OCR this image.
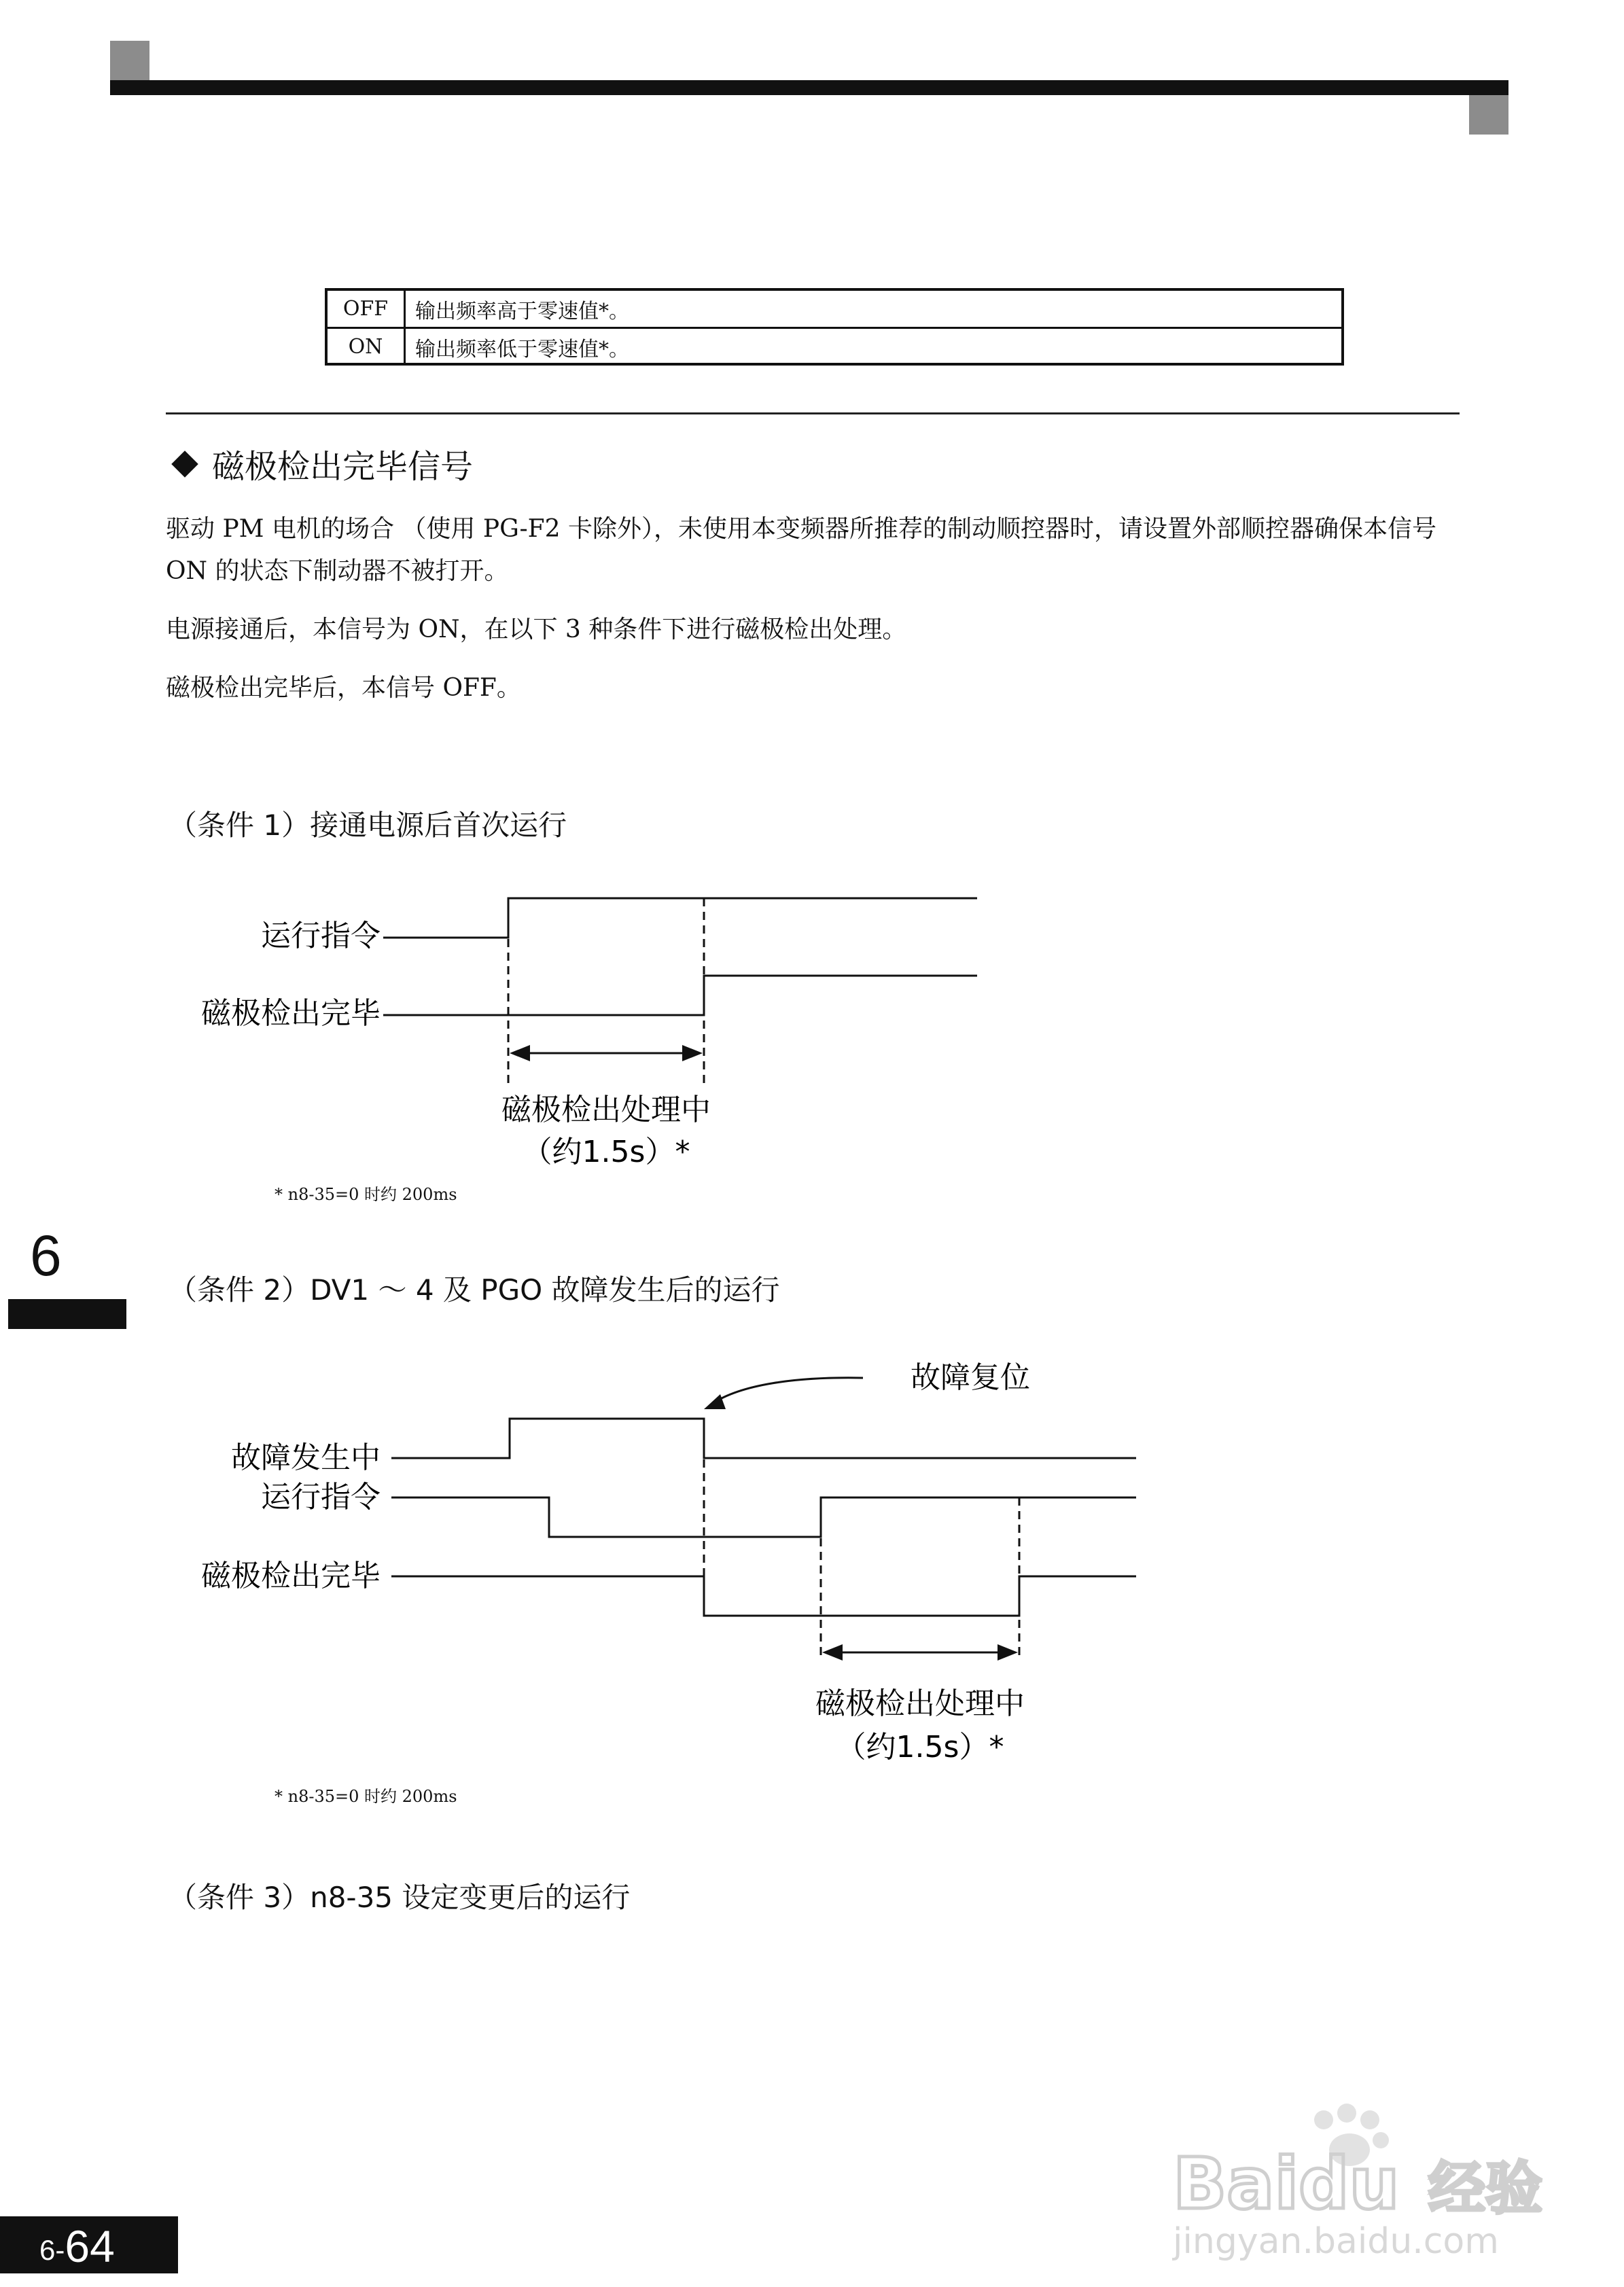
OFF	输出频率高于零速值*。
ON	输出频率低于零速值*。
磁极检出完毕信号
驱动 PM 电机的场合 （使用 PG-F2 卡除外），未使用本变频器所推荐的制动顺控器时，请设置外部顺控器确保本信号 ON 的状态下制动器不被打开。
电源接通后，本信号为 ON，在以下 3 种条件下进行磁极检出处理。
磁极检出完毕后，本信号 OFF。
（条件 1）接通电源后首次运行
运行指令
磁极检出完毕
磁极检出处理中
（约1.5s）*
* n8-35=0 时约 200ms
6
（条件 2）DV1 ～ 4 及 PGO 故障发生后的运行
故障复位
故障发生中
运行指令
磁极检出完毕
磁极检出处理中
（约1.5s）*
* n8-35=0 时约 200ms
（条件 3）n8-35 设定变更后的运行
Baidu 经验
jingyan.baidu.com
6- 64
